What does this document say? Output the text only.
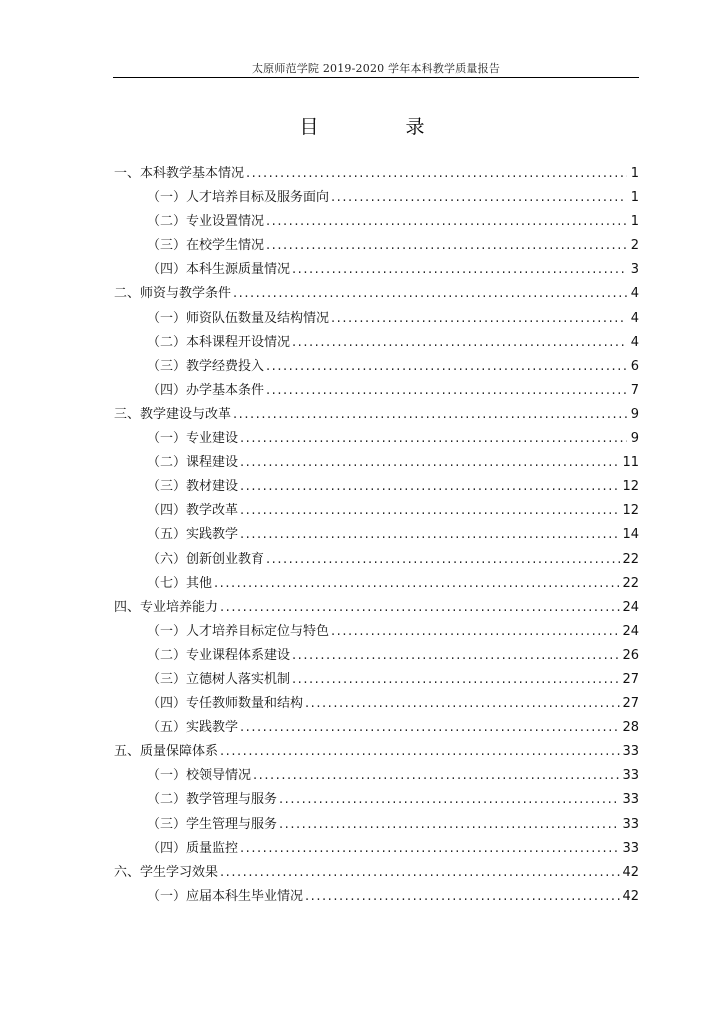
太原师范学院 2019-2020 学年本科教学质量报告
目　录
一、本科教学基本情况 . . .	1
（一）人才培养目标及服务面向 . . .	1
（二）专业设置情况 . . .	1
（三）在校学生情况 . . .	2
（四）本科生源质量情况 . . .	3
二、师资与教学条件 . . .	4
（一）师资队伍数量及结构情况 . . .	4
（二）本科课程开设情况 . . .	4
（三）教学经费投入 . . .	6
（四）办学基本条件 . . .	7
三、教学建设与改革 . . .	9
（一）专业建设 . . .	9
（二）课程建设 . . .	11
（三）教材建设 . . .	12
（四）教学改革 . . .	12
（五）实践教学 . . .	14
（六）创新创业教育 . . .	22
（七）其他 . . .	22
四、专业培养能力 . . .	24
（一）人才培养目标定位与特色 . . .	24
（二）专业课程体系建设 . . .	26
（三）立德树人落实机制 . . .	27
（四）专任教师数量和结构 . . .	27
（五）实践教学 . . .	28
五、质量保障体系 . . .	33
（一）校领导情况 . . .	33
（二）教学管理与服务 . . .	33
（三）学生管理与服务 . . .	33
（四）质量监控 . . .	33
六、学生学习效果 . . .	42
（一）应届本科生毕业情况 . . .	42
